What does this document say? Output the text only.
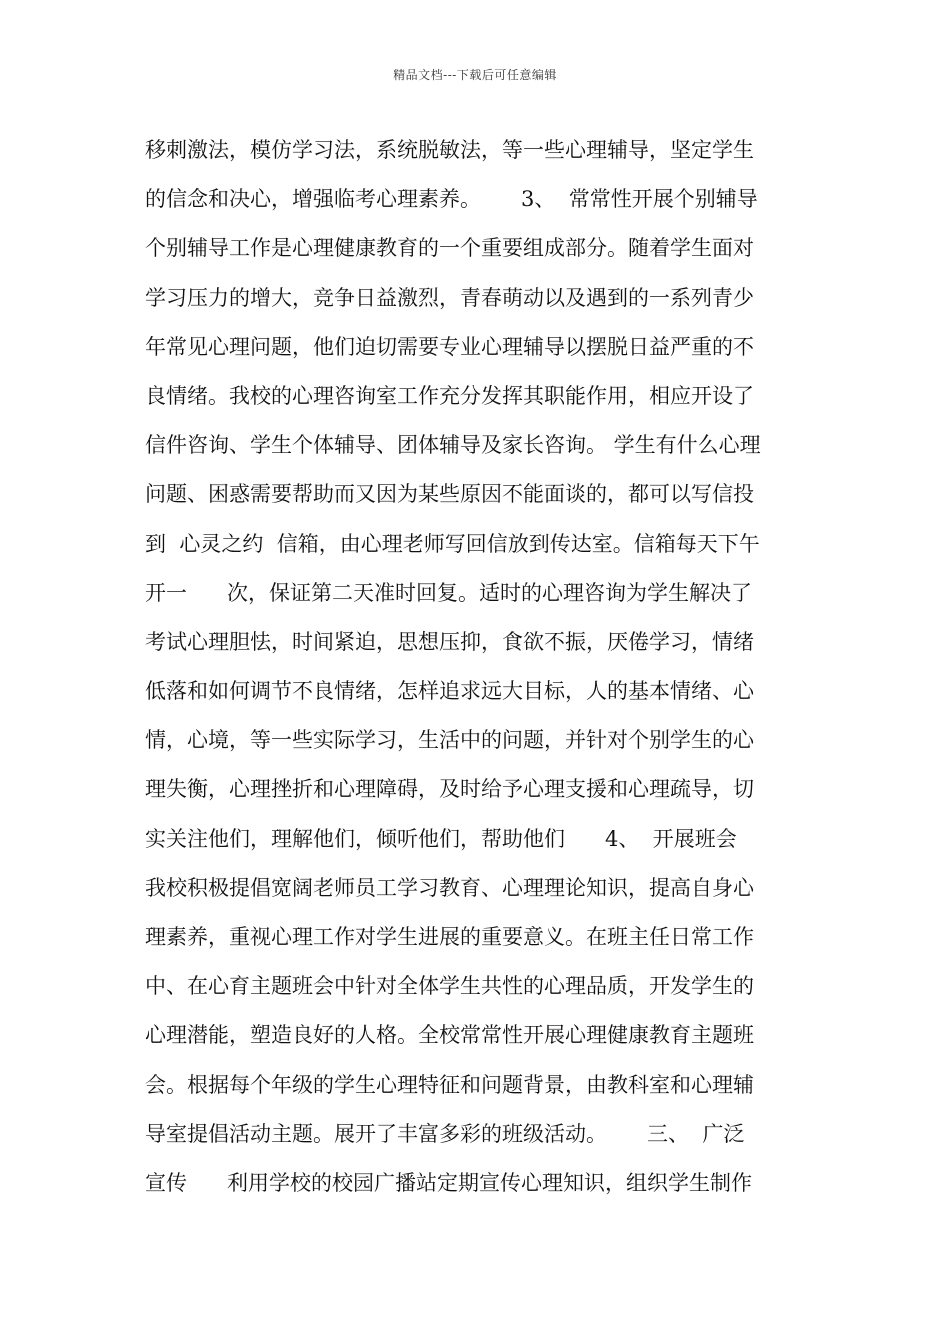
精品文档---下载后可任意编辑
移刺激法，模仿学习法，系统脱敏法，等一些心理辅导，坚定学生
的信念和决心，增强临考心理素养。      3、  常常性开展个别辅导
个别辅导工作是心理健康教育的一个重要组成部分。随着学生面对
学习压力的增大，竞争日益激烈，青春萌动以及遇到的一系列青少
年常见心理问题，他们迫切需要专业心理辅导以摆脱日益严重的不
良情绪。我校的心理咨询室工作充分发挥其职能作用，相应开设了
信件咨询、学生个体辅导、团体辅导及家长咨询。 学生有什么心理
问题、困惑需要帮助而又因为某些原因不能面谈的，都可以写信投
到  心灵之约  信箱，由心理老师写回信放到传达室。信箱每天下午
开一      次，保证第二天准时回复。适时的心理咨询为学生解决了
考试心理胆怯，时间紧迫，思想压抑，食欲不振，厌倦学习，情绪
低落和如何调节不良情绪，怎样追求远大目标，人的基本情绪、心
情，心境，等一些实际学习，生活中的问题，并针对个别学生的心
理失衡，心理挫折和心理障碍，及时给予心理支援和心理疏导，切
实关注他们，理解他们，倾听他们，帮助他们      4、  开展班会
我校积极提倡宽阔老师员工学习教育、心理理论知识，提高自身心
理素养，重视心理工作对学生进展的重要意义。在班主任日常工作
中、在心育主题班会中针对全体学生共性的心理品质，开发学生的
心理潜能，塑造良好的人格。全校常常性开展心理健康教育主题班
会。根据每个年级的学生心理特征和问题背景，由教科室和心理辅
导室提倡活动主题。展开了丰富多彩的班级活动。      三、  广泛
宣传      利用学校的校园广播站定期宣传心理知识，组织学生制作
